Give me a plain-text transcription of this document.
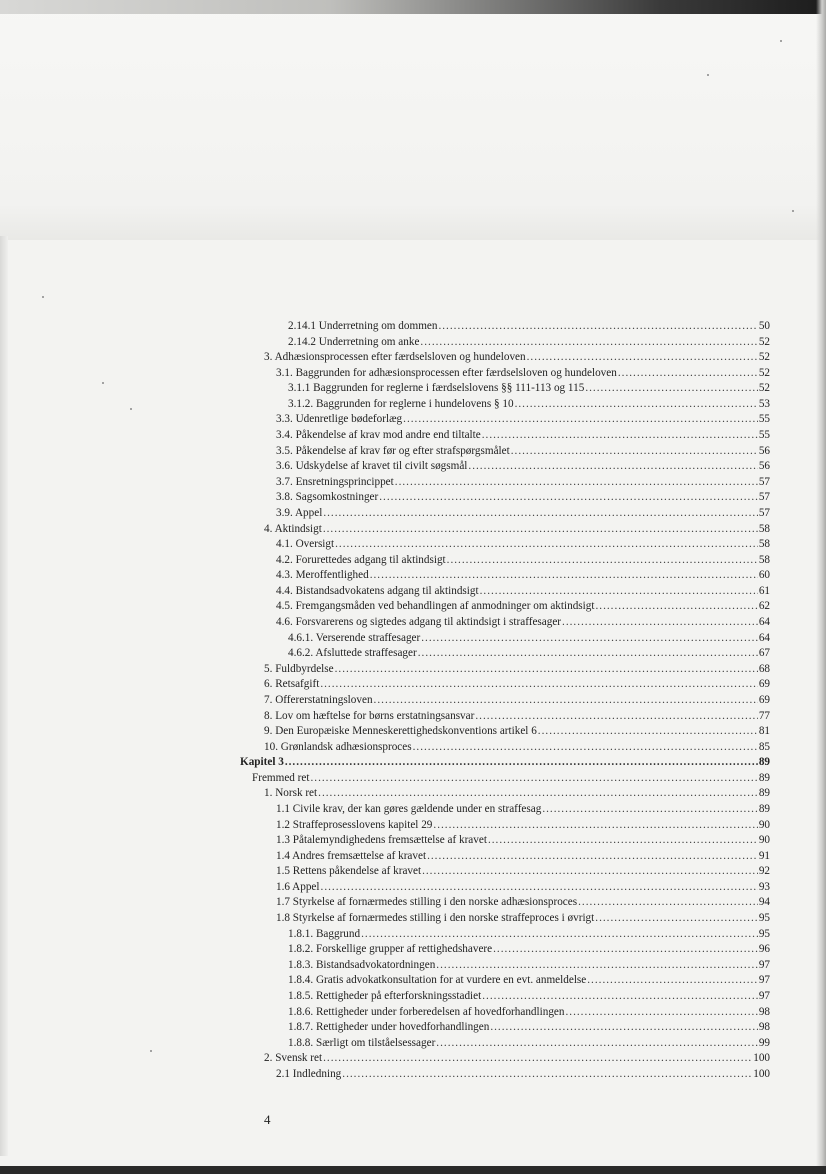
2.14.1 Underretning om dommen .....	50
2.14.2 Underretning om anke .....	52
3. Adhæsionsprocessen efter færdselsloven og hundeloven .....	52
3.1. Baggrunden for adhæsionsprocessen efter færdselsloven og hundeloven .....	52
3.1.1 Baggrunden for reglerne i færdselslovens §§ 111-113 og 115 .....	52
3.1.2. Baggrunden for reglerne i hundelovens § 10 .....	53
3.3. Udenretlige bødeforlæg .....	55
3.4. Påkendelse af krav mod andre end tiltalte .....	55
3.5. Påkendelse af krav før og efter strafspørgsmålet .....	56
3.6. Udskydelse af kravet til civilt søgsmål .....	56
3.7. Ensretningsprincippet .....	57
3.8. Sagsomkostninger .....	57
3.9. Appel .....	57
4. Aktindsigt .....	58
4.1. Oversigt .....	58
4.2. Forurettedes adgang til aktindsigt .....	58
4.3. Meroffentlighed .....	60
4.4. Bistandsadvokatens adgang til aktindsigt .....	61
4.5. Fremgangsmåden ved behandlingen af anmodninger om aktindsigt .....	62
4.6. Forsvarerens og sigtedes adgang til aktindsigt i straffesager .....	64
4.6.1. Verserende straffesager .....	64
4.6.2. Afsluttede straffesager .....	67
5. Fuldbyrdelse .....	68
6. Retsafgift .....	69
7. Offererstatningsloven .....	69
8. Lov om hæftelse for børns erstatningsansvar .....	77
9. Den Europæiske Menneskerettighedskonventions artikel 6 .....	81
10. Grønlandsk adhæsionsproces .....	85
Kapitel 3 .....	89
Fremmed ret .....	89
1. Norsk ret .....	89
1.1 Civile krav, der kan gøres gældende under en straffesag .....	89
1.2 Straffeprosesslovens kapitel 29 .....	90
1.3 Påtalemyndighedens fremsættelse af kravet .....	90
1.4 Andres fremsættelse af kravet .....	91
1.5 Rettens påkendelse af kravet .....	92
1.6 Appel .....	93
1.7 Styrkelse af fornærmedes stilling i den norske adhæsionsproces .....	94
1.8 Styrkelse af fornærmedes stilling i den norske straffeproces i øvrigt .....	95
1.8.1. Baggrund .....	95
1.8.2. Forskellige grupper af rettighedshavere .....	96
1.8.3. Bistandsadvokatordningen .....	97
1.8.4. Gratis advokatkonsultation for at vurdere en evt. anmeldelse .....	97
1.8.5. Rettigheder på efterforskningsstadiet .....	97
1.8.6. Rettigheder under forberedelsen af hovedforhandlingen .....	98
1.8.7. Rettigheder under hovedforhandlingen .....	98
1.8.8. Særligt om tilståelsessager .....	99
2. Svensk ret .....	100
2.1 Indledning .....	100
4
